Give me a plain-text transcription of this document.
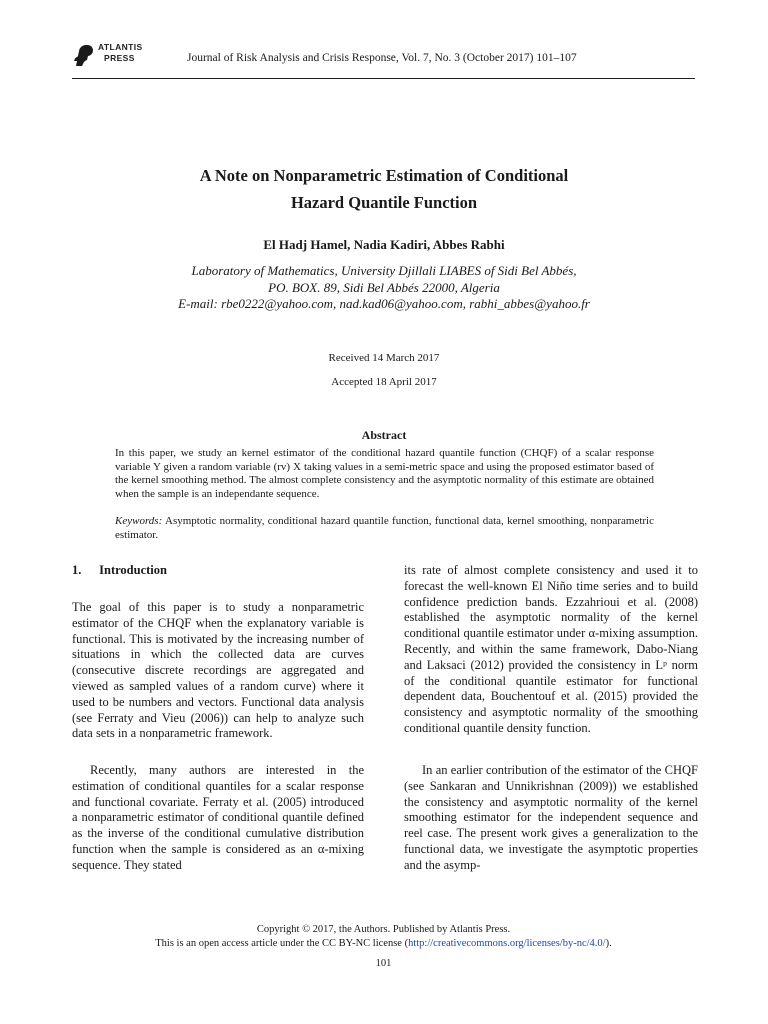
ATLANTIS
PRESS	Journal of Risk Analysis and Crisis Response, Vol. 7, No. 3 (October 2017) 101–107
A Note on Nonparametric Estimation of Conditional
Hazard Quantile Function
El Hadj Hamel, Nadia Kadiri, Abbes Rabhi
Laboratory of Mathematics, University Djillali LIABES of Sidi Bel Abbés,
PO. BOX. 89, Sidi Bel Abbés 22000, Algeria
E-mail: rbe0222@yahoo.com, nad.kad06@yahoo.com, rabhi_abbes@yahoo.fr
Received 14 March 2017
Accepted 18 April 2017
Abstract
In this paper, we study an kernel estimator of the conditional hazard quantile function (CHQF) of a scalar response variable Y given a random variable (rv) X taking values in a semi-metric space and using the proposed estimator based of the kernel smoothing method. The almost complete consistency and the asymptotic normality of this estimate are obtained when the sample is an independante sequence.
Keywords: Asymptotic normality, conditional hazard quantile function, functional data, kernel smoothing, nonparametric estimator.
1. Introduction

The goal of this paper is to study a nonparametric estimator of the CHQF when the explanatory variable is functional. This is motivated by the increasing number of situations in which the collected data are curves (consecutive discrete recordings are aggregated and viewed as sampled values of a random curve) where it used to be numbers and vectors. Functional data analysis (see Ferraty and Vieu (2006)) can help to analyze such data sets in a nonparametric framework.

Recently, many authors are interested in the estimation of conditional quantiles for a scalar response and functional covariate. Ferraty et al. (2005) introduced a nonparametric estimator of conditional quantile defined as the inverse of the conditional cumulative distribution function when the sample is considered as an α-mixing sequence. They stated

its rate of almost complete consistency and used it to forecast the well-known El Niño time series and to build confidence prediction bands. Ezzahrioui et al. (2008) established the asymptotic normality of the kernel conditional quantile estimator under α-mixing assumption. Recently, and within the same framework, Dabo-Niang and Laksaci (2012) provided the consistency in Lᵖ norm of the conditional quantile estimator for functional dependent data, Bouchentouf et al. (2015) provided the consistency and asymptotic normality of the smoothing conditional quantile density function.

In an earlier contribution of the estimator of the CHQF (see Sankaran and Unnikrishnan (2009)) we established the consistency and asymptotic normality of the kernel smoothing estimator for the independent sequence and reel case. The present work gives a generalization to the functional data, we investigate the asymptotic properties and the asymp-

Copyright © 2017, the Authors. Published by Atlantis Press.
This is an open access article under the CC BY-NC license (http://creativecommons.org/licenses/by-nc/4.0/).
101
